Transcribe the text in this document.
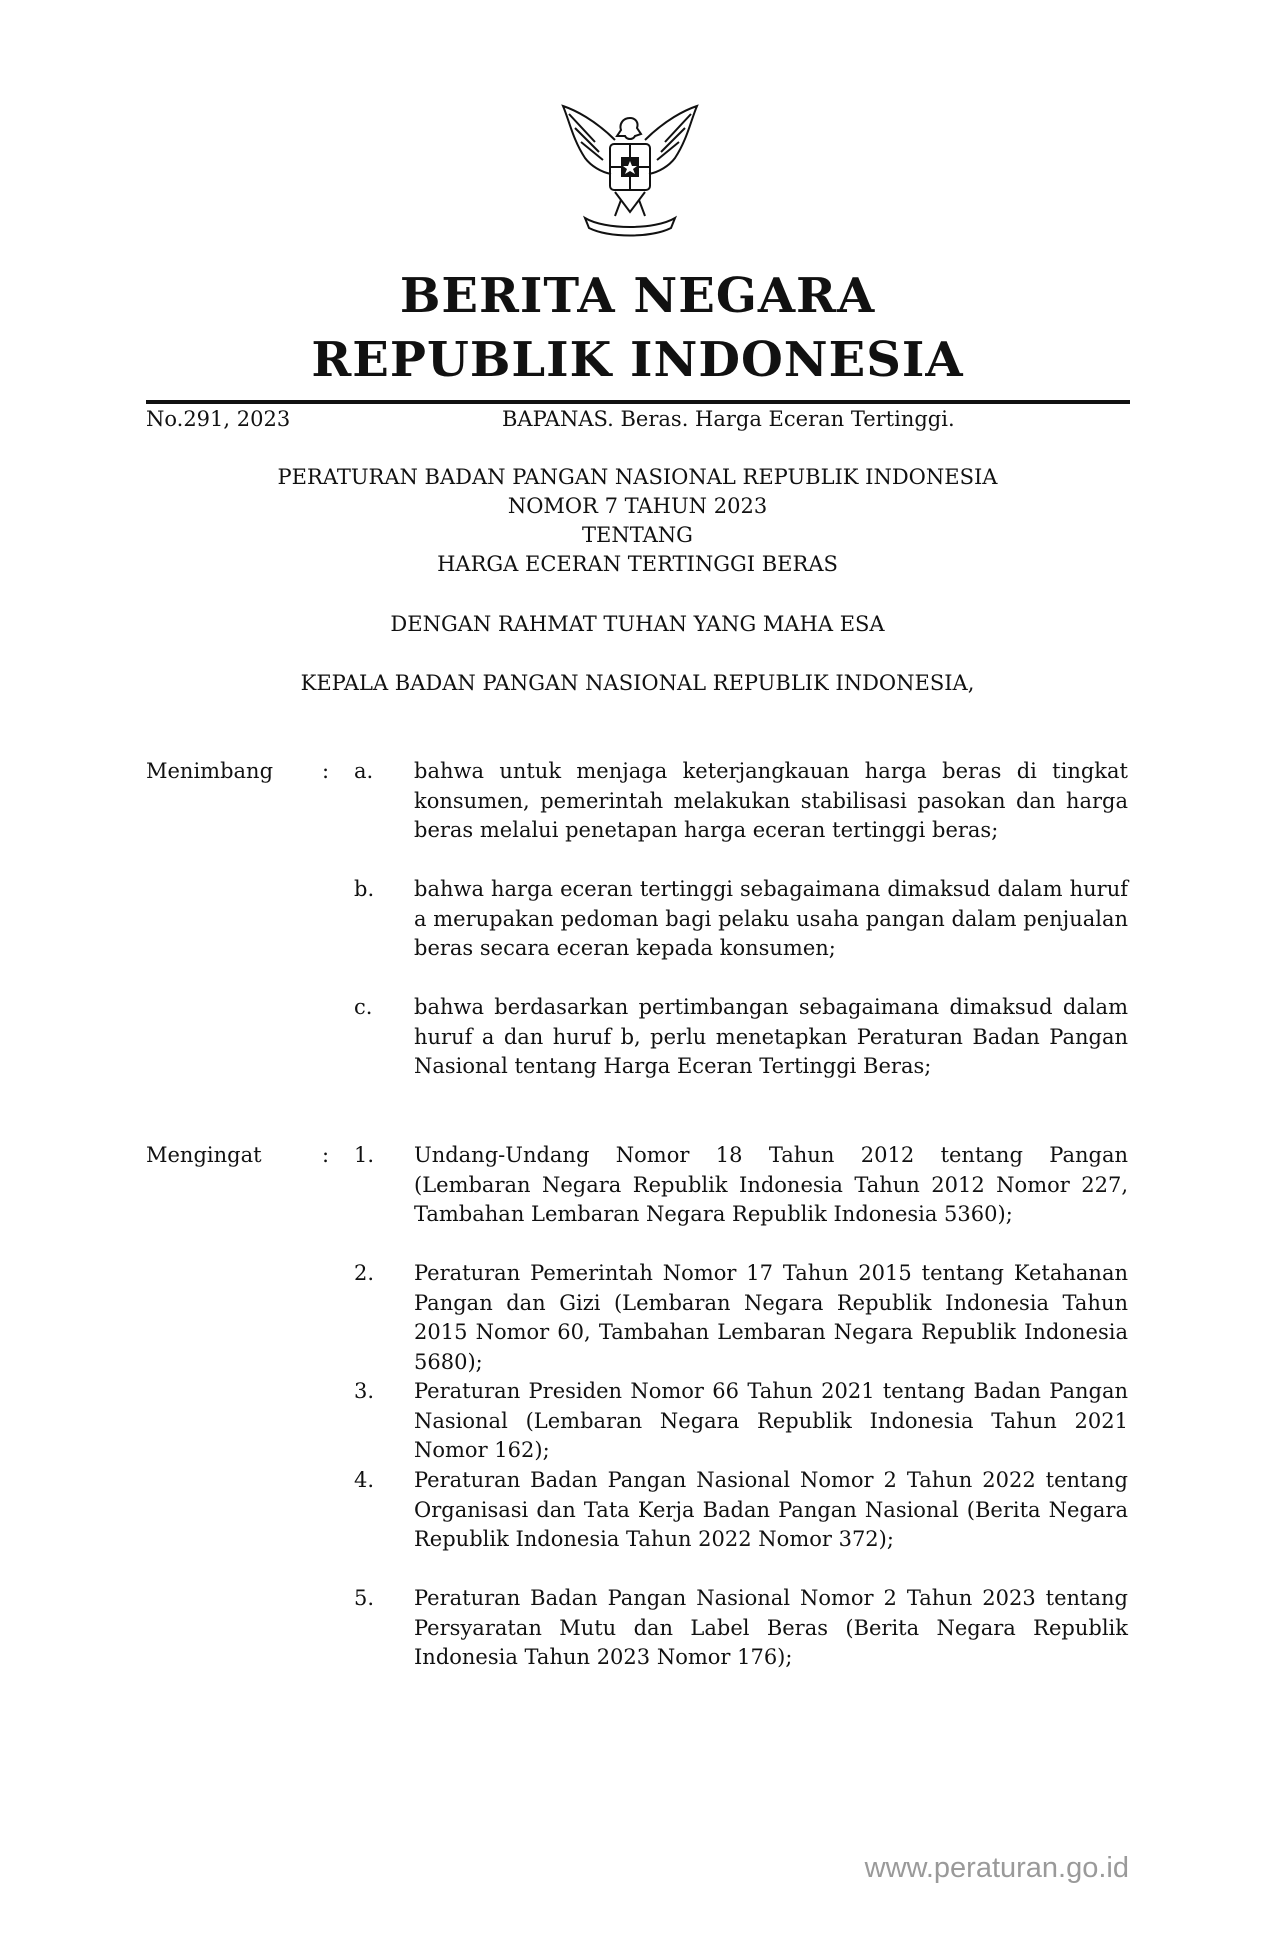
BERITA NEGARA
REPUBLIK INDONESIA
No.291, 2023	BAPANAS. Beras. Harga Eceran Tertinggi.
PERATURAN BADAN PANGAN NASIONAL REPUBLIK INDONESIA
NOMOR 7 TAHUN 2023
TENTANG
HARGA ECERAN TERTINGGI BERAS
DENGAN RAHMAT TUHAN YANG MAHA ESA
KEPALA BADAN PANGAN NASIONAL REPUBLIK INDONESIA,
Menimbang : a. bahwa untuk menjaga keterjangkauan harga beras di tingkat konsumen, pemerintah melakukan stabilisasi pasokan dan harga beras melalui penetapan harga eceran tertinggi beras;
b. bahwa harga eceran tertinggi sebagaimana dimaksud dalam huruf a merupakan pedoman bagi pelaku usaha pangan dalam penjualan beras secara eceran kepada konsumen;
c. bahwa berdasarkan pertimbangan sebagaimana dimaksud dalam huruf a dan huruf b, perlu menetapkan Peraturan Badan Pangan Nasional tentang Harga Eceran Tertinggi Beras;
Mengingat	: 1. Undang-Undang Nomor 18 Tahun 2012 tentang Pangan (Lembaran Negara Republik Indonesia Tahun 2012 Nomor 227, Tambahan Lembaran Negara Republik Indonesia 5360);
2. Peraturan Pemerintah Nomor 17 Tahun 2015 tentang Ketahanan Pangan dan Gizi (Lembaran Negara Republik Indonesia Tahun 2015 Nomor 60, Tambahan Lembaran Negara Republik Indonesia 5680);
3. Peraturan Presiden Nomor 66 Tahun 2021 tentang Badan Pangan Nasional (Lembaran Negara Republik Indonesia Tahun 2021 Nomor 162);
4. Peraturan Badan Pangan Nasional Nomor 2 Tahun 2022 tentang Organisasi dan Tata Kerja Badan Pangan Nasional (Berita Negara Republik Indonesia Tahun 2022 Nomor 372);
5. Peraturan Badan Pangan Nasional Nomor 2 Tahun 2023 tentang Persyaratan Mutu dan Label Beras (Berita Negara Republik Indonesia Tahun 2023 Nomor 176);
www.peraturan.go.id
